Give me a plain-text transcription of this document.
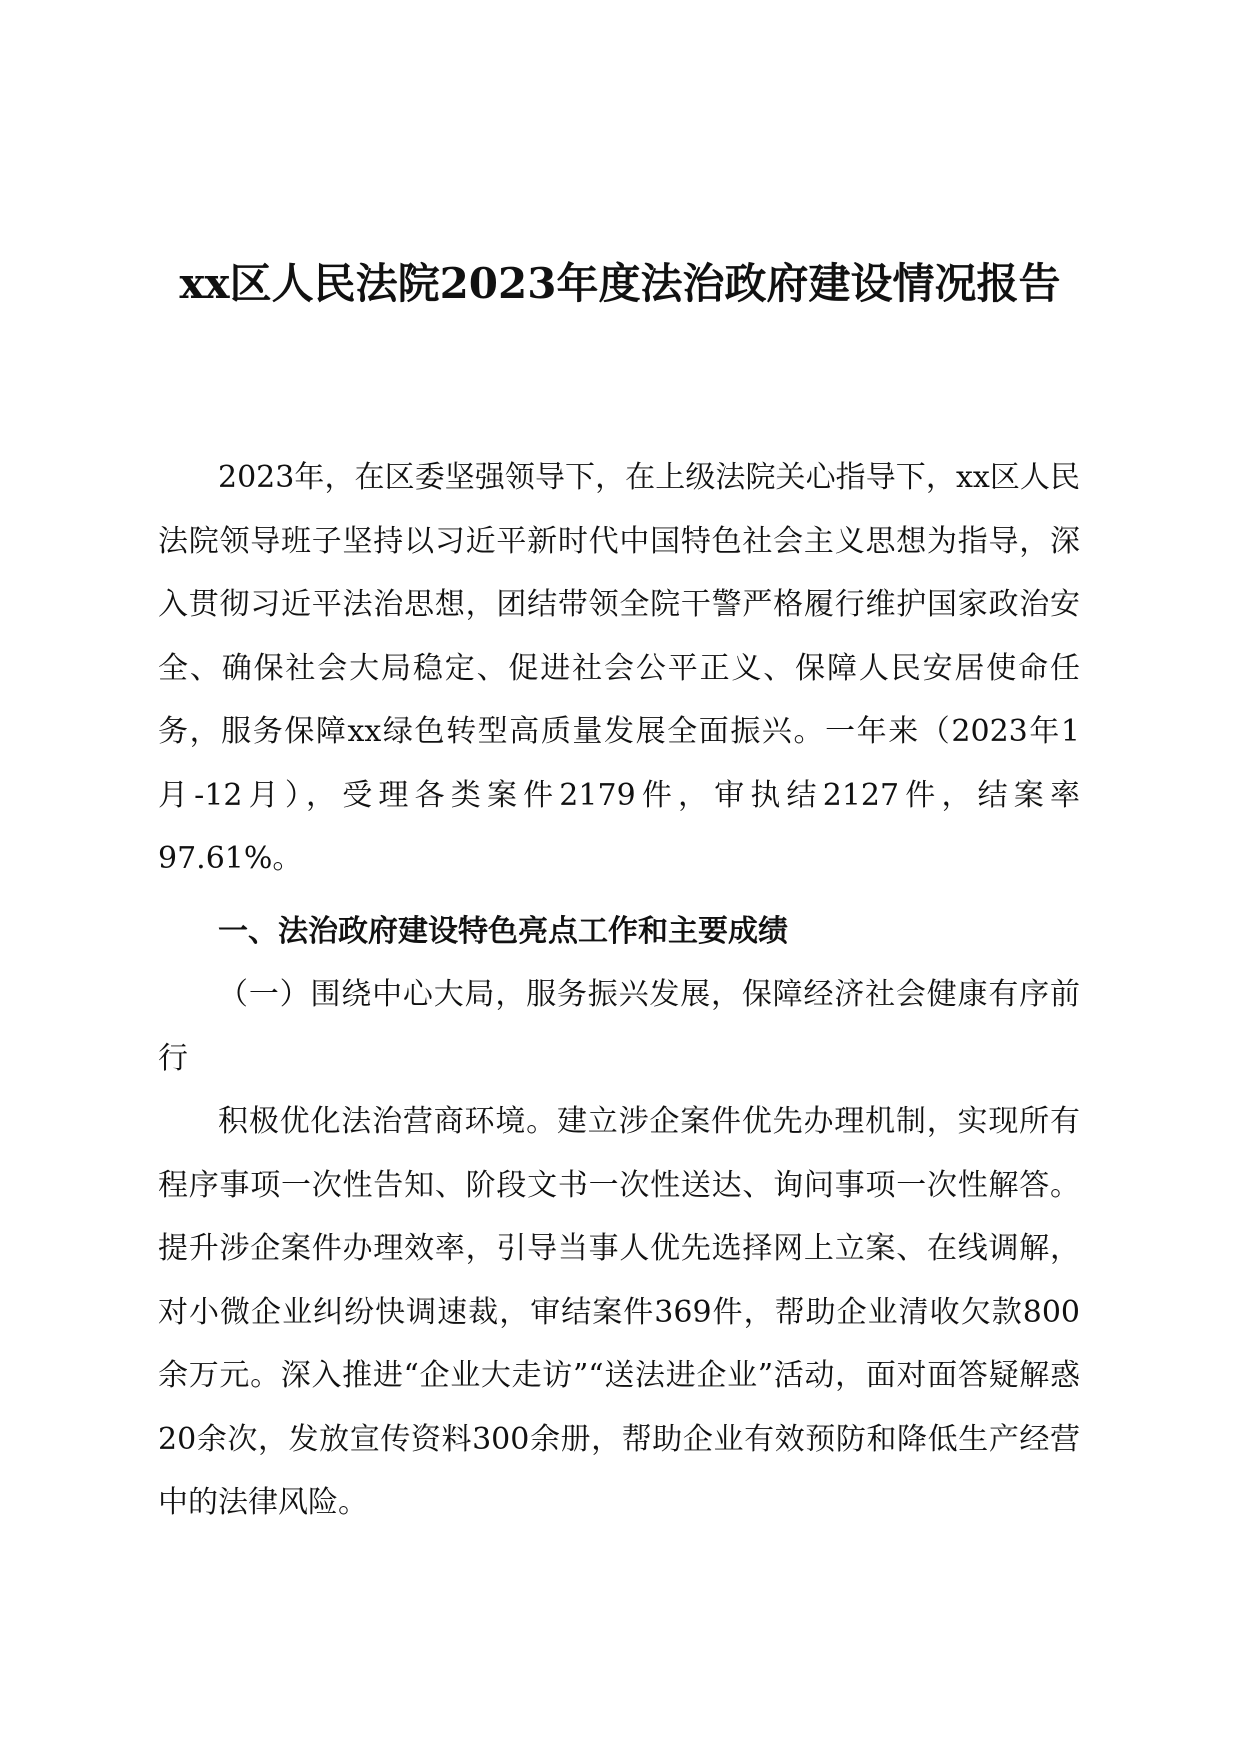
xx区人民法院2023年度法治政府建设情况报告

2023年，在区委坚强领导下，在上级法院关心指导下，xx区人民法院领导班子坚持以习近平新时代中国特色社会主义思想为指导，深入贯彻习近平法治思想，团结带领全院干警严格履行维护国家政治安全、确保社会大局稳定、促进社会公平正义、保障人民安居使命任务，服务保障xx绿色转型高质量发展全面振兴。一年来（2023年1月-12月），受理各类案件2179件，审执结2127件，结案率97.61%。

一、法治政府建设特色亮点工作和主要成绩

（一）围绕中心大局，服务振兴发展，保障经济社会健康有序前行

积极优化法治营商环境。建立涉企案件优先办理机制，实现所有程序事项一次性告知、阶段文书一次性送达、询问事项一次性解答。提升涉企案件办理效率，引导当事人优先选择网上立案、在线调解，对小微企业纠纷快调速裁，审结案件369件，帮助企业清收欠款800余万元。深入推进“企业大走访”“送法进企业”活动，面对面答疑解惑20余次，发放宣传资料300余册，帮助企业有效预防和降低生产经营中的法律风险。
